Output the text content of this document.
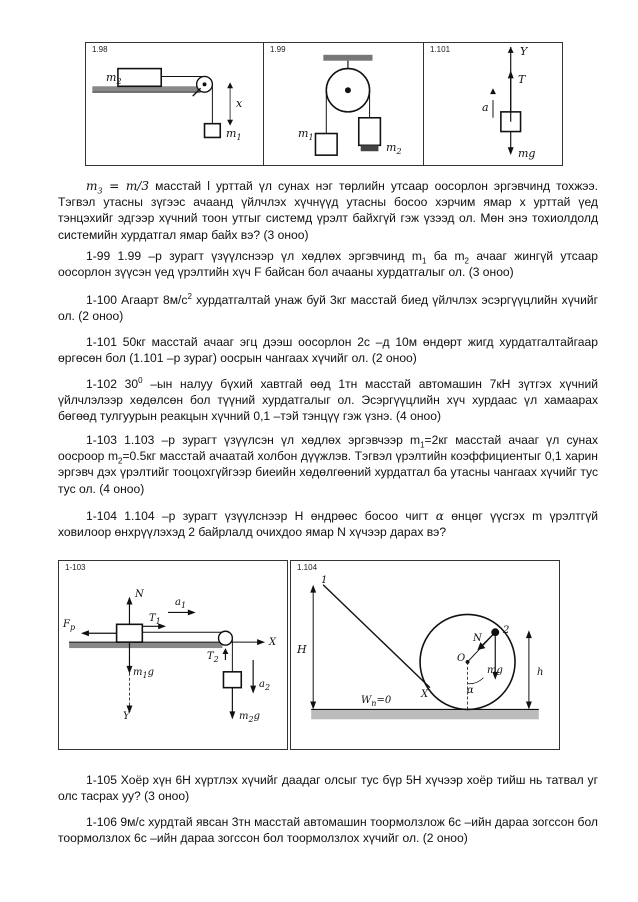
1.98
$m_2$
$m_1$
x
1.99
$m_1$
$m_2$
1.101	Y
T
a
mg

$m_3 = m/3$ масстай l урттай үл сунах нэг төрлийн утсаар оосорлон эргэвчинд тохжээ. Тэгвэл утасны зүгээс ачаанд үйлчлэх хүчнүүд утасны босоо хэрчим ямар x урттай үед тэнцэхийг эдгээр хүчний тоон утгыг системд үрэлт байхгүй гэж үзээд ол. Мөн энэ тохиолдолд системийн хурдатгал ямар байх вэ? (3 оноо)

1-99 1.99 –р зурагт үзүүлснээр үл хөдлөх эргэвчинд $m_1$ ба $m_2$ ачааг жингүй утсаар оосорлон зүүсэн үед үрэлтийн хүч F байсан бол ачааны хурдатгалыг ол. (3 оноо)

1-100 Агаарт $8м/с^2$ хурдатгалтай унаж буй 3кг масстай биед үйлчлэх эсэргүүцлийн хүчийг ол. (2 оноо)

1-101 50кг масстай ачааг эгц дээш оосорлон 2с –д 10м өндөрт жигд хурдатгалтайгаар өргөсөн бол (1.101 –р зураг) оосрын чангаах хүчийг ол. (2 оноо)

1-102 $30^0$ –ын налуу бүхий хавтгай өөд 1тн масстай автомашин 7кН зүтгэх хүчний үйлчлэлээр хөдөлсөн бол түүний хурдатгалыг ол. Эсэргүүцлийн хүч хурдаас үл хамаарах бөгөөд тулгуурын реакцын хүчний 0,1 –тэй тэнцүү гэж үзнэ. (4 оноо)

1-103 1.103 –р зурагт үзүүлсэн үл хөдлөх эргэвчээр $m_1=2кг$ масстай ачааг үл сунах оосроор $m_2=0.5кг$ масстай ачаатай холбон дүүжлэв. Тэгвэл үрэлтийн коэффициентыг 0,1 харин эргэвч дэх үрэлтийг тооцохгүйгээр биеийн хөдөлгөөний хурдатгал ба утасны чангаах хүчийг тус тус ол. (4 оноо)

1-104 1.104 –р зурагт үзүүлснээр H өндрөөс босоо чигт α өнцөг үүсгэх m үрэлтгүй ховилоор өнхрүүлэхэд 2 байрлалд очихдоо ямар N хүчээр дарах вэ?

1-103
$F_р$
N
$T_1$
$a_1$
X
$m_1g$
$T_2$
$a_2$
$m_2g$
Y
1.104
1
2
H
O
N
α
mg	h
X
$W_п=0$

1-105 Хоёр хүн 6Н хүртлэх хүчийг даадаг олсыг тус бүр 5Н хүчээр хоёр тийш нь татвал уг олс тасрах уу? (3 оноо)

1-106 9м/с хурдтай явсан 3тн масстай автомашин тоормолзлож 6с –ийн дараа зогссон бол тоормолзлох 6с –ийн дараа зогссон бол тоормолзлох хүчийг ол. (2 оноо)
